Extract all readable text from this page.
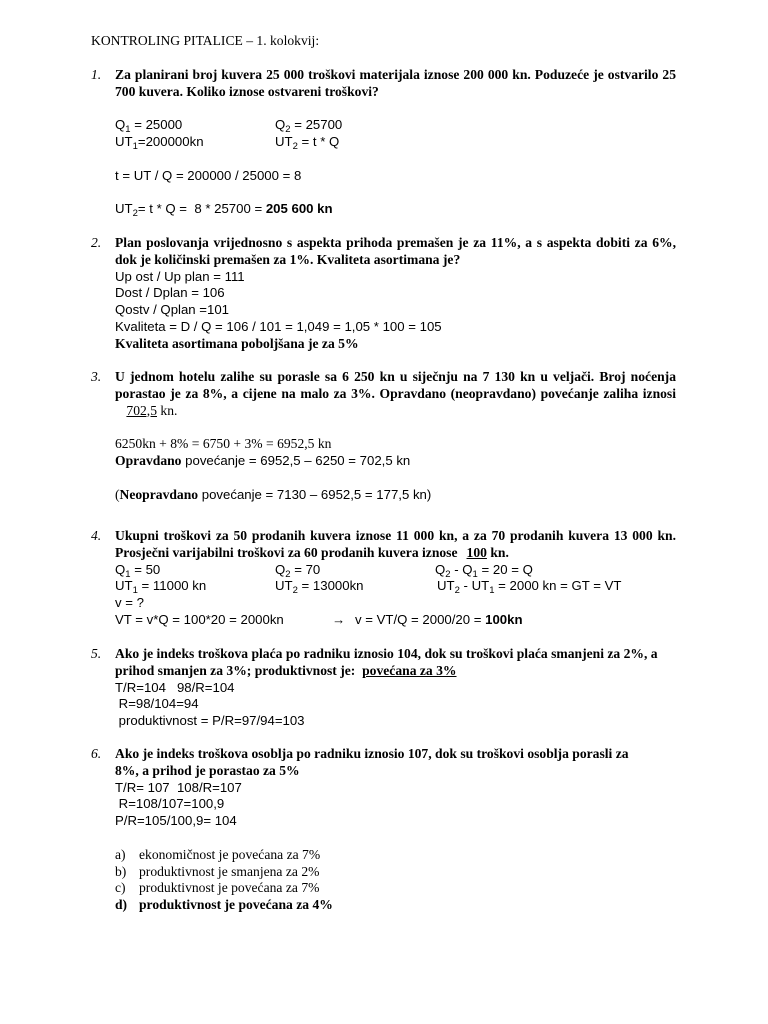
KONTROLING PITALICE – 1. kolokvij:
1. Za planirani broj kuvera 25 000 troškovi materijala iznose 200 000 kn. Poduzeće je ostvarilo 25 700 kuvera. Koliko iznose ostvareni troškovi?
$Q_1 = 25000$	$Q_2 = 25700$
$UT_1=200000kn$	$UT_2 = t * Q$
t = UT / Q = 200000 / 25000 = 8
$UT_2= t * Q = 8 * 25700 = 205$ 600 kn
2. Plan poslovanja vrijednosno s aspekta prihoda premašen je za 11%, a s aspekta dobiti za 6%, dok je količinski premašen za 1%. Kvaliteta asortimana je?
Up ost / Up plan = 111
Dost / Dplan = 106
Qostv / Qplan =101
Kvaliteta = D / Q = 106 / 101 = 1,049 = 1,05 * 100 = 105
Kvaliteta asortimana poboljšana je za 5%
3. U jednom hotelu zalihe su porasle sa 6 250 kn u siječnju na 7 130 kn u veljači. Broj noćenja porastao je za 8%, a cijene na malo za 3%. Opravdano (neopravdano) povećanje zaliha iznosi 702,5 kn.
6250kn + 8% = 6750 + 3% = 6952,5 kn
Opravdano povećanje = 6952,5 – 6250 = 702,5 kn
(Neopravdano povećanje = 7130 – 6952,5 = 177,5 kn)
4. Ukupni troškovi za 50 prodanih kuvera iznose 11 000 kn, a za 70 prodanih kuvera 13 000 kn. Prosječni varijabilni troškovi za 60 prodanih kuvera iznose 100 kn.
$Q_1 = 50$	$Q_2 = 70$	$Q_2 - Q_1 = 20 = Q$
$UT_1 = 11000$ kn	$UT_2 = 13000kn$	$UT_2 - UT_1 = 2000$ kn = GT = VT
v = ?
VT = v*Q = 100*20 = 2000kn	→ v = VT/Q = 2000/20 = 100kn
5. Ako je indeks troškova plaća po radniku iznosio 104, dok su troškovi plaća smanjeni za 2%, a prihod smanjen za 3%; produktivnost je: povećana za 3%
T/R=104   98/R=104
R=98/104=94
produktivnost = P/R=97/94=103
6. Ako je indeks troškova osoblja po radniku iznosio 107, dok su troškovi osoblja porasli za 8%, a prihod je porastao za 5%
T/R= 107  108/R=107
R=108/107=100,9
P/R=105/100,9= 104
a) ekonomičnost je povećana za 7%
b) produktivnost je smanjena za 2%
c) produktivnost je povećana za 7%
d) produktivnost je povećana za 4%
